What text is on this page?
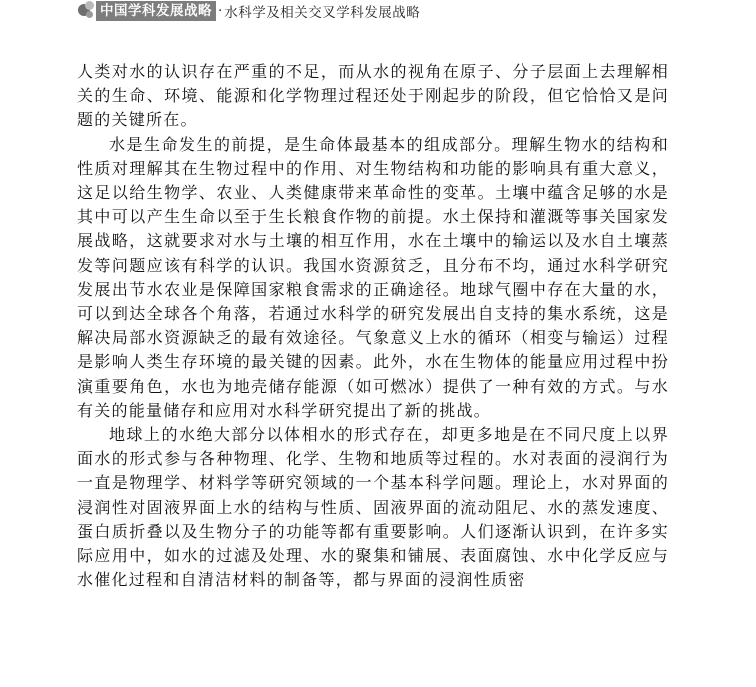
中国学科发展战略 · 水科学及相关交叉学科发展战略

人类对水的认识存在严重的不足，而从水的视角在原子、分子层面上去理解相关的生命、环境、能源和化学物理过程还处于刚起步的阶段，但它恰恰又是问题的关键所在。

水是生命发生的前提，是生命体最基本的组成部分。理解生物水的结构和性质对理解其在生物过程中的作用、对生物结构和功能的影响具有重大意义，这足以给生物学、农业、人类健康带来革命性的变革。土壤中蕴含足够的水是其中可以产生生命以至于生长粮食作物的前提。水土保持和灌溉等事关国家发展战略，这就要求对水与土壤的相互作用，水在土壤中的输运以及水自土壤蒸发等问题应该有科学的认识。我国水资源贫乏，且分布不均，通过水科学研究发展出节水农业是保障国家粮食需求的正确途径。地球气圈中存在大量的水，可以到达全球各个角落，若通过水科学的研究发展出自支持的集水系统，这是解决局部水资源缺乏的最有效途径。气象意义上水的循环（相变与输运）过程是影响人类生存环境的最关键的因素。此外，水在生物体的能量应用过程中扮演重要角色，水也为地壳储存能源（如可燃冰）提供了一种有效的方式。与水有关的能量储存和应用对水科学研究提出了新的挑战。

地球上的水绝大部分以体相水的形式存在，却更多地是在不同尺度上以界面水的形式参与各种物理、化学、生物和地质等过程的。水对表面的浸润行为一直是物理学、材料学等研究领域的一个基本科学问题。理论上，水对界面的浸润性对固液界面上水的结构与性质、固液界面的流动阻尼、水的蒸发速度、蛋白质折叠以及生物分子的功能等都有重要影响。人们逐渐认识到，在许多实际应用中，如水的过滤及处理、水的聚集和铺展、表面腐蚀、水中化学反应与水催化过程和自清洁材料的制备等，都与界面的浸润性质密
